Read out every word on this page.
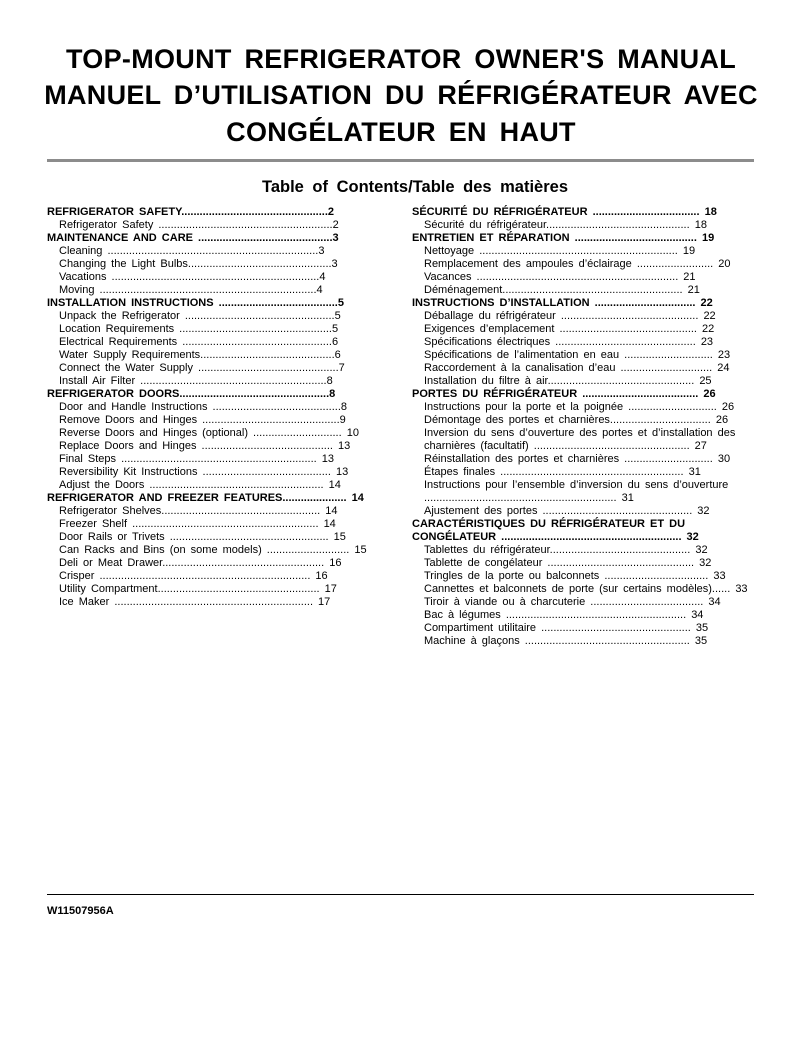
TOP-MOUNT REFRIGERATOR OWNER'S MANUAL
MANUEL D’UTILISATION DU RÉFRIGÉRATEUR AVEC
CONGÉLATEUR EN HAUT
Table of Contents/Table des matières
REFRIGERATOR SAFETY................................................2
Refrigerator Safety .........................................................2
MAINTENANCE AND CARE ............................................3
Cleaning .....................................................................3
Changing the Light Bulbs...............................................3
Vacations ....................................................................4
Moving .......................................................................4
INSTALLATION INSTRUCTIONS .......................................5
Unpack the Refrigerator .................................................5
Location Requirements ..................................................5
Electrical Requirements .................................................6
Water Supply Requirements............................................6
Connect the Water Supply ..............................................7
Install Air Filter .............................................................8
REFRIGERATOR DOORS.................................................8
Door and Handle Instructions ..........................................8
Remove Doors and Hinges .............................................9
Reverse Doors and Hinges (optional) ............................. 10
Replace Doors and Hinges ........................................... 13
Final Steps ................................................................ 13
Reversibility Kit Instructions .......................................... 13
Adjust the Doors ......................................................... 14
REFRIGERATOR AND FREEZER FEATURES..................... 14
Refrigerator Shelves.................................................... 14
Freezer Shelf ............................................................. 14
Door Rails or Trivets .................................................... 15
Can Racks and Bins (on some models) ........................... 15
Deli or Meat Drawer..................................................... 16
Crisper ..................................................................... 16
Utility Compartment..................................................... 17
Ice Maker ................................................................. 17
SÉCURITÉ DU RÉFRIGÉRATEUR ................................... 18
Sécurité du réfrigérateur............................................... 18
ENTRETIEN ET RÉPARATION ........................................ 19
Nettoyage ................................................................. 19
Remplacement des ampoules d’éclairage ......................... 20
Vacances .................................................................. 21
Déménagement........................................................... 21
INSTRUCTIONS D’INSTALLATION ................................. 22
Déballage du réfrigérateur ............................................. 22
Exigences d’emplacement ............................................. 22
Spécifications électriques .............................................. 23
Spécifications de l’alimentation en eau ............................. 23
Raccordement à la canalisation d’eau .............................. 24
Installation du filtre à air................................................ 25
PORTES DU RÉFRIGÉRATEUR ...................................... 26
Instructions pour la porte et la poignée ............................. 26
Démontage des portes et charnières................................. 26
Inversion du sens d’ouverture des portes et d’installation des charnières (facultatif) ................................................... 27
Réinstallation des portes et charnières ............................. 30
Étapes finales ............................................................ 31
Instructions pour l’ensemble d’inversion du sens d’ouverture ............................................................... 31
Ajustement des portes ................................................. 32
CARACTÉRISTIQUES DU RÉFRIGÉRATEUR ET DU CONGÉLATEUR ........................................................... 32
Tablettes du réfrigérateur.............................................. 32
Tablette de congélateur ................................................ 32
Tringles de la porte ou balconnets .................................. 33
Cannettes et balconnets de porte (sur certains modèles)...... 33
Tiroir à viande ou à charcuterie ..................................... 34
Bac à légumes ........................................................... 34
Compartiment utilitaire ................................................. 35
Machine à glaçons ...................................................... 35

W11507956A
